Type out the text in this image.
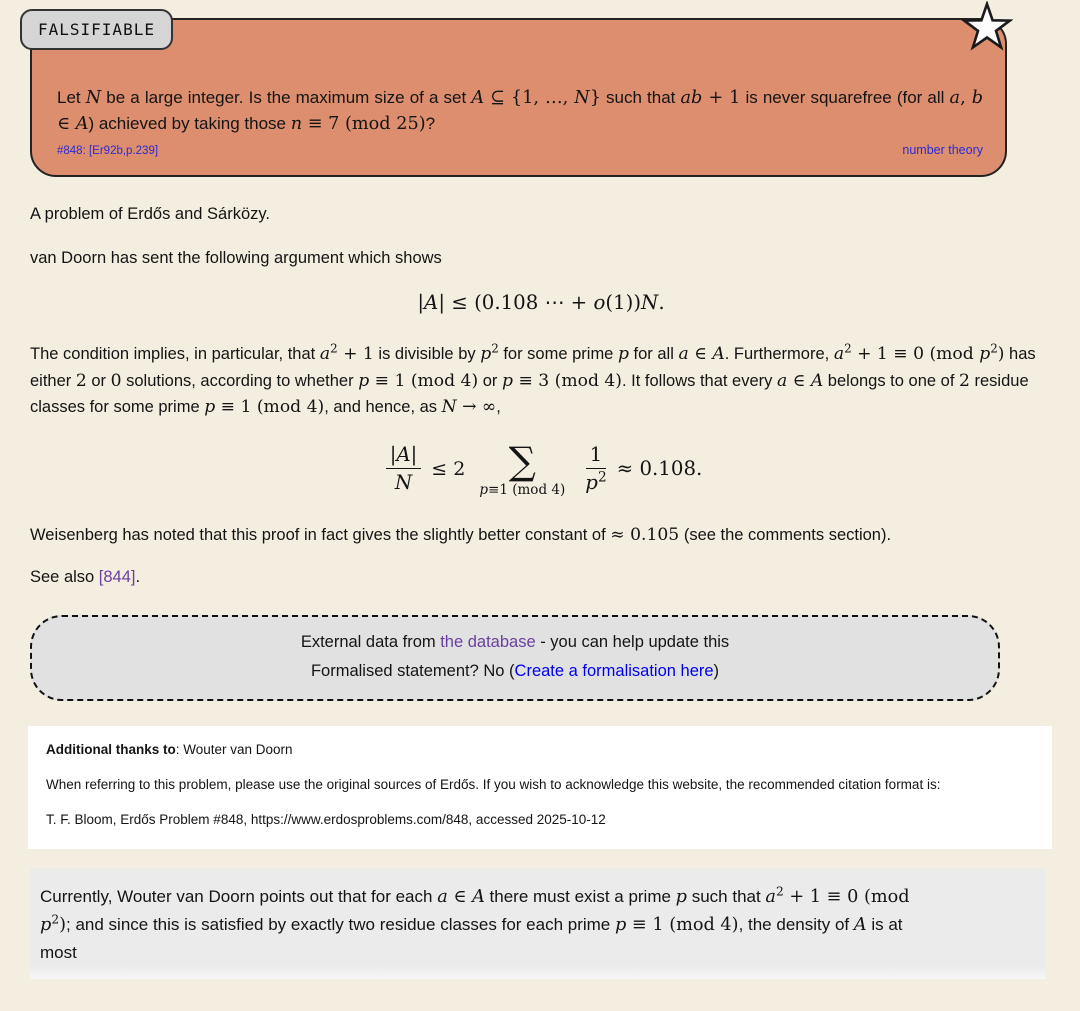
FALSIFIABLE
Let N be a large integer. Is the maximum size of a set A ⊆ {1, …, N} such that ab + 1 is never squarefree (for all a, b ∈ A) achieved by taking those n ≡ 7 (mod 25)?
#848: [Er92b,p.239]	number theory

A problem of Erdős and Sárközy.

van Doorn has sent the following argument which shows

|A| ≤ (0.108 ⋯ + o(1))N.

The condition implies, in particular, that $a^2 + 1$ is divisible by $p^2$ for some prime p for all a ∈ A. Furthermore, $a^2 + 1 \equiv 0$ (mod $p^2$) has either 2 or 0 solutions, according to whether p ≡ 1 (mod 4) or p ≡ 3 (mod 4). It follows that every a ∈ A belongs to one of 2 residue classes for some prime p ≡ 1 (mod 4), and hence, as N → ∞,

$\frac{|A|}{N} \le 2$ ∑
p≡1 (mod $4) \frac{1}{p^2} \approx 0.108$.

Weisenberg has noted that this proof in fact gives the slightly better constant of ≈ 0.105 (see the comments section).

See also [844].

External data from the database - you can help update this
Formalised statement? No (Create a formalisation here)
Additional thanks to: Wouter van Doorn
When referring to this problem, please use the original sources of Erdős. If you wish to acknowledge this website, the recommended citation format is:
T. F. Bloom, Erdős Problem #848, https://www.erdosproblems.com/848, accessed 2025-10-12
Currently, Wouter van Doorn points out that for each a ∈ A there must exist a prime p such that $a^2 + 1 \equiv 0$ (mod $p^2$); and since this is satisfied by exactly two residue classes for each prime p ≡ 1 (mod 4), the density of A is at most
